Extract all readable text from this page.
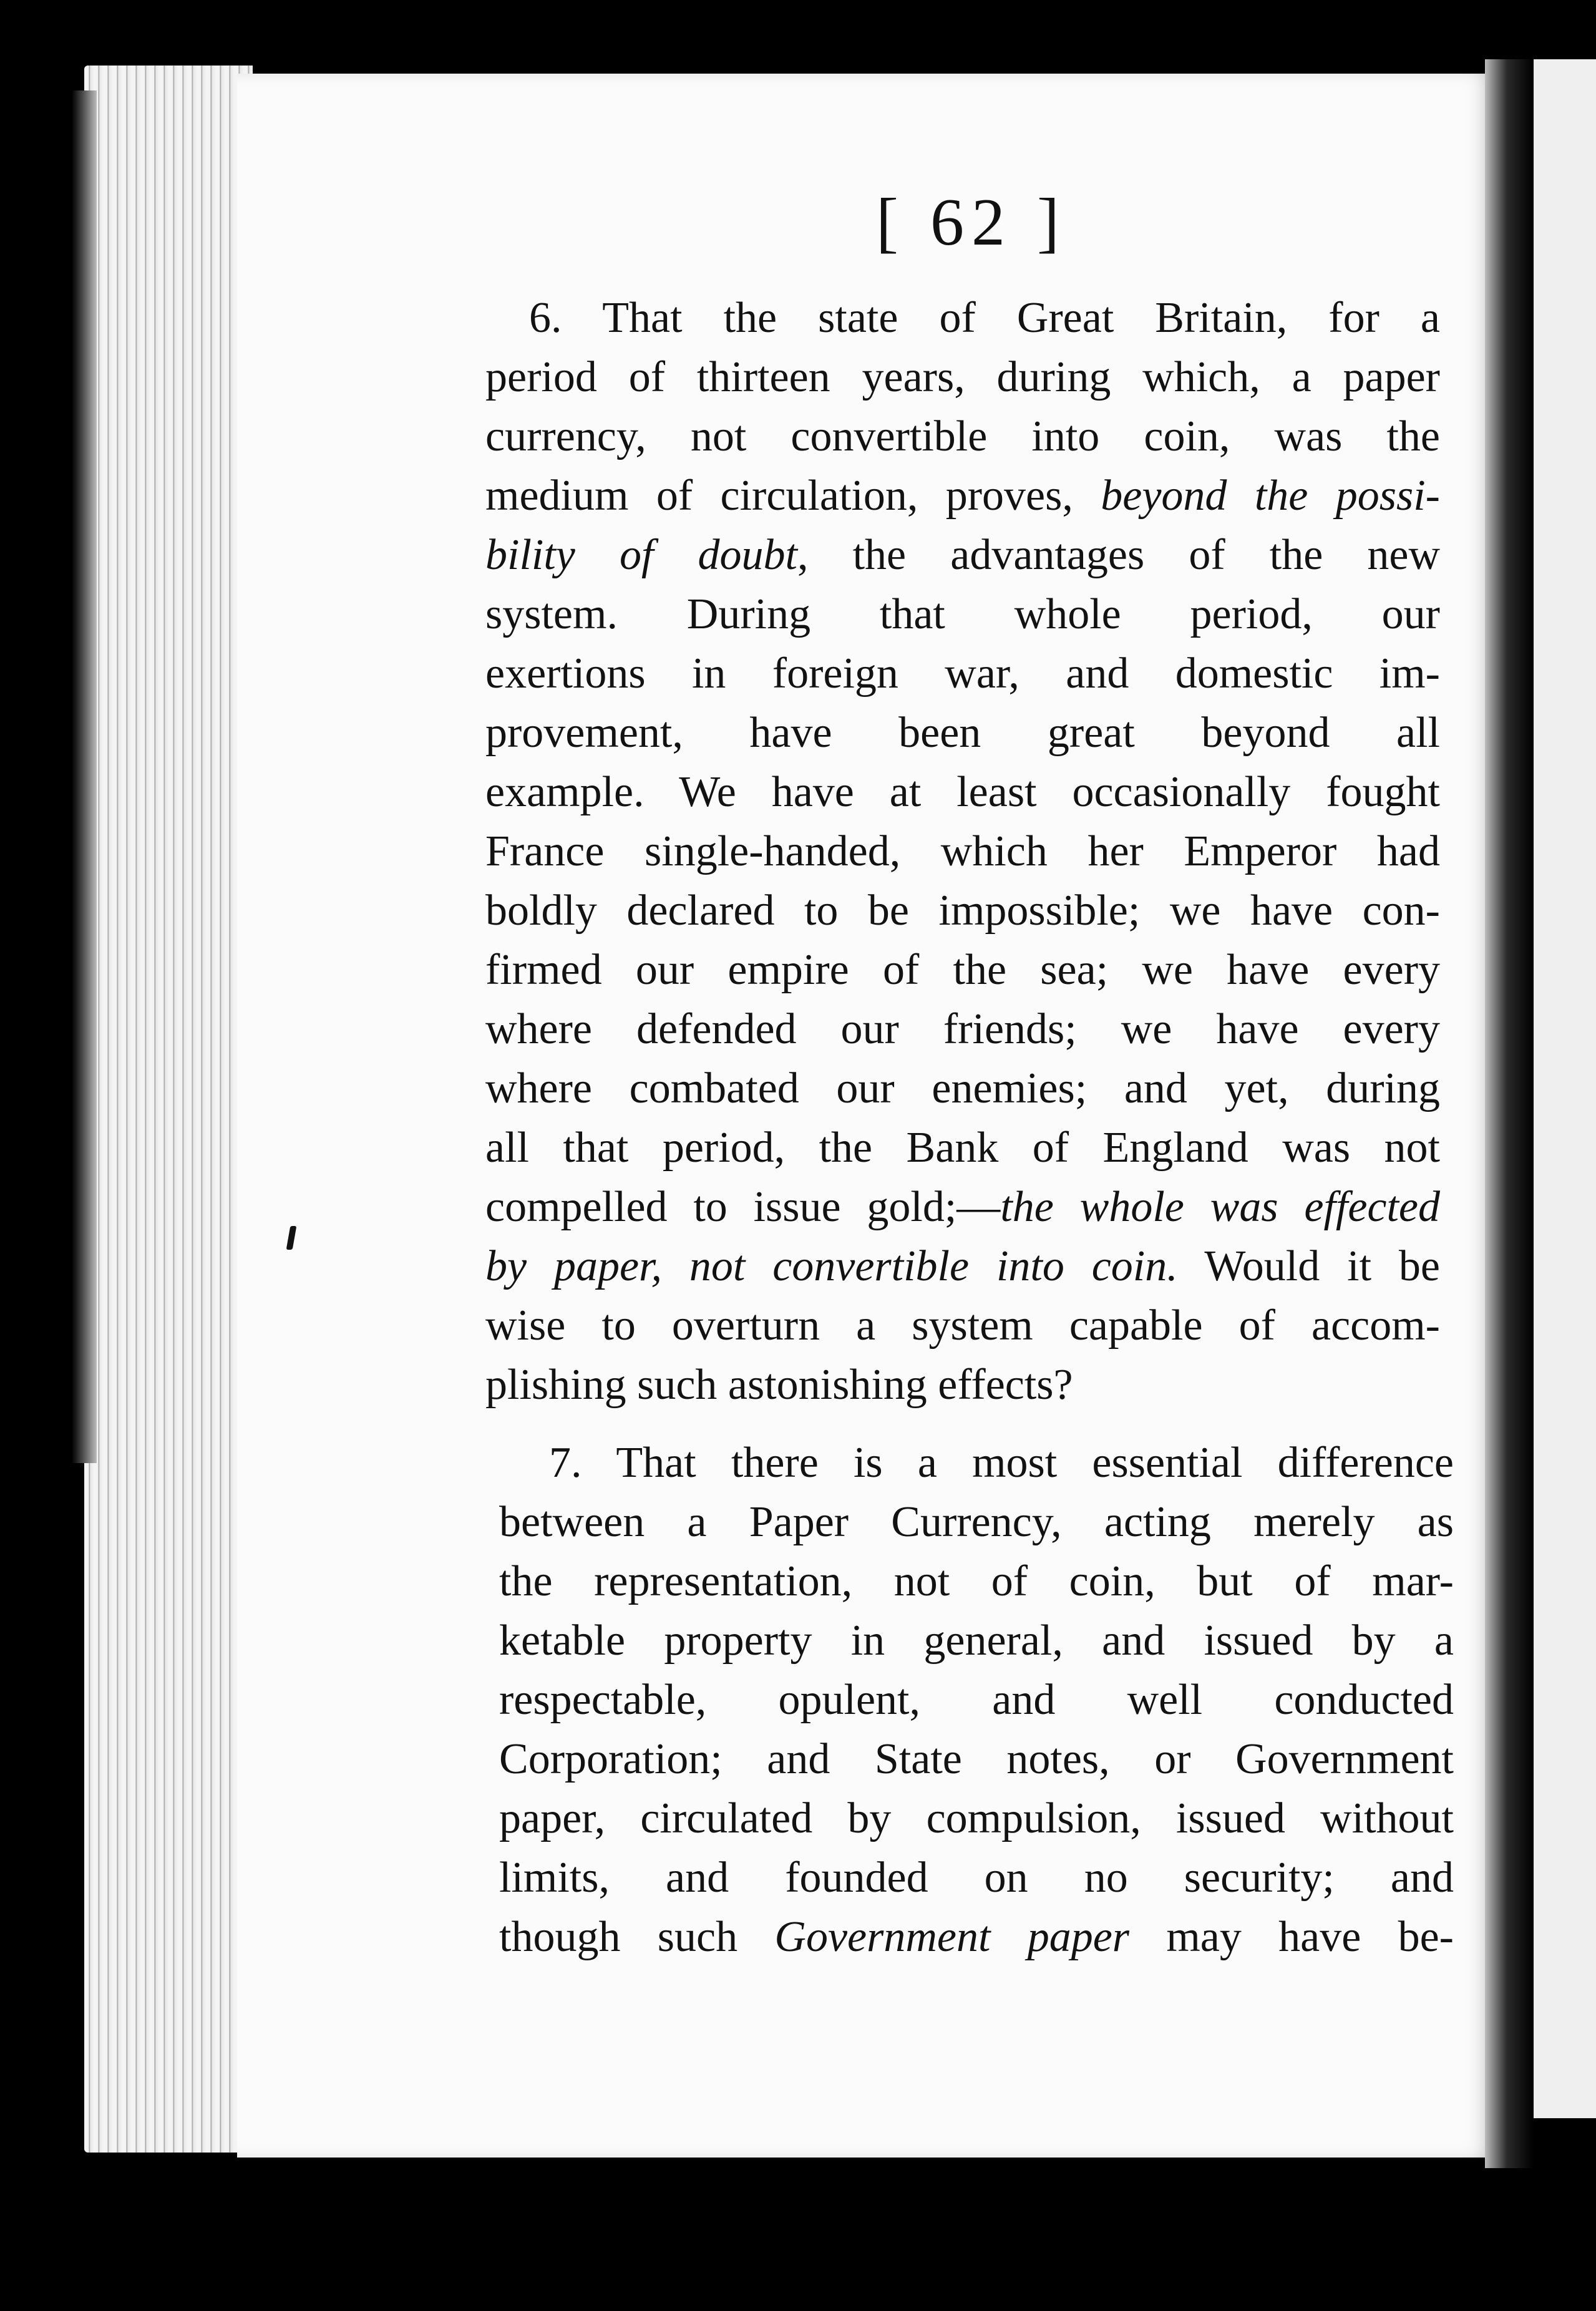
[ 62 ]
6. That the state of Great Britain, for a
period of thirteen years, during which, a paper
currency, not convertible into coin, was the
medium of circulation, proves, beyond the possi-
bility of doubt, the advantages of the new
system. During that whole period, our
exertions in foreign war, and domestic im-
provement, have been great beyond all
example. We have at least occasionally fought
France single-handed, which her Emperor had
boldly declared to be impossible; we have con-
firmed our empire of the sea; we have every
where defended our friends; we have every
where combated our enemies; and yet, during
all that period, the Bank of England was not
compelled to issue gold;—the whole was effected
by paper, not convertible into coin. Would it be
wise to overturn a system capable of accom-
plishing such astonishing effects?
7. That there is a most essential difference
between a Paper Currency, acting merely as
the representation, not of coin, but of mar-
ketable property in general, and issued by a
respectable, opulent, and well conducted
Corporation; and State notes, or Government
paper, circulated by compulsion, issued without
limits, and founded on no security; and
though such Government paper may have be-
